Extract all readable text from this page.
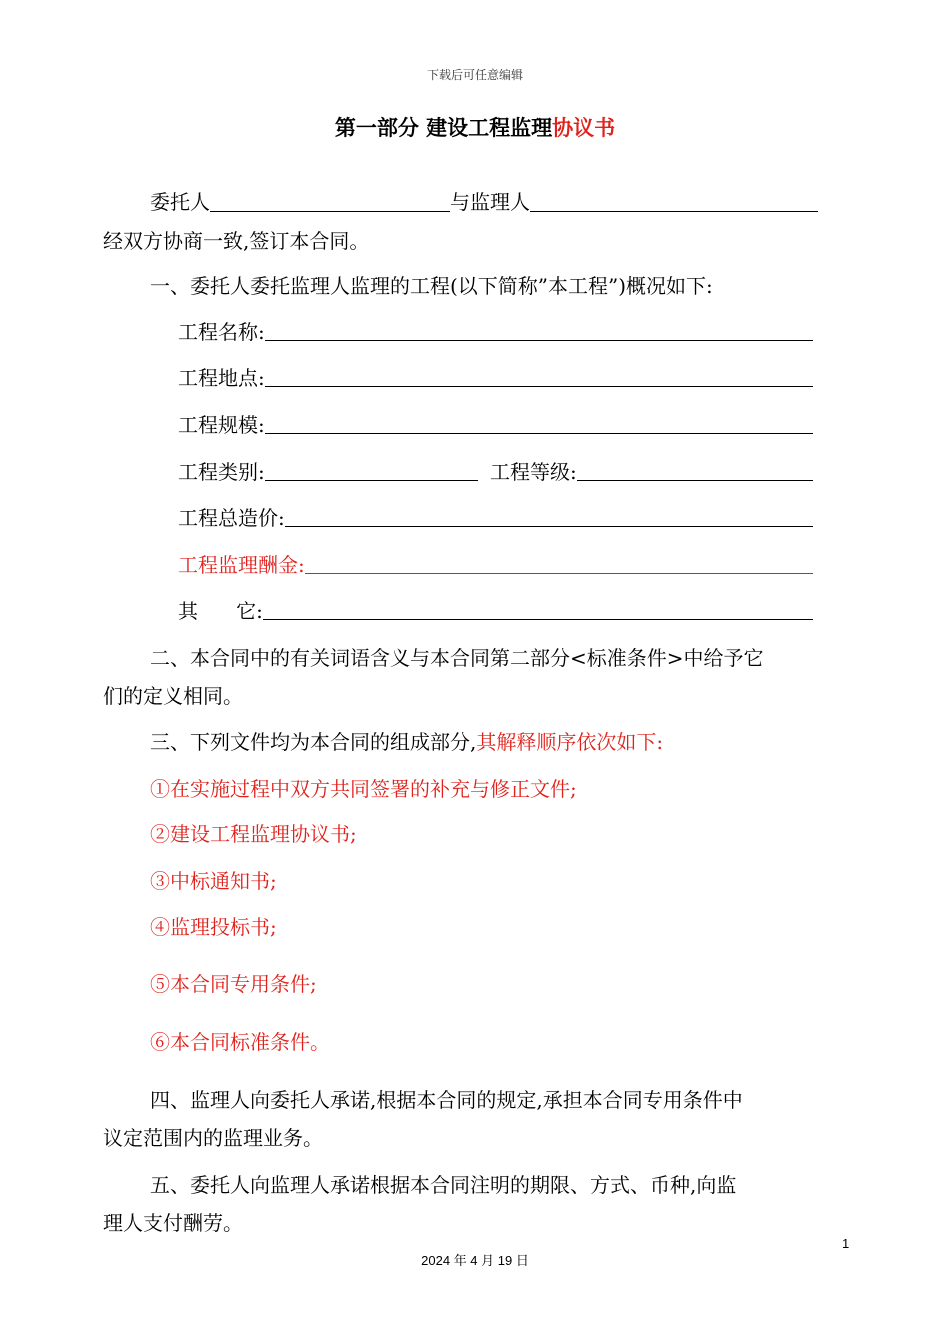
下载后可任意编辑
第一部分 建设工程监理协议书
委托人	与监理人
经双方协商一致,签订本合同。
一、委托人委托监理人监理的工程(以下简称”本工程”)概况如下:
工程名称:
工程地点:
工程规模:
工程类别:	工程等级:
工程总造价:
工程监理酬金:
其      它:
二、本合同中的有关词语含义与本合同第二部分<标准条件>中给予它
们的定义相同。
三、下列文件均为本合同的组成部分,其解释顺序依次如下:
①在实施过程中双方共同签署的补充与修正文件;
②建设工程监理协议书;
③中标通知书;
④监理投标书;
⑤本合同专用条件;
⑥本合同标准条件。
四、监理人向委托人承诺,根据本合同的规定,承担本合同专用条件中
议定范围内的监理业务。
五、委托人向监理人承诺根据本合同注明的期限、方式、币种,向监
理人支付酬劳。
1
2024 年 4 月 19 日
